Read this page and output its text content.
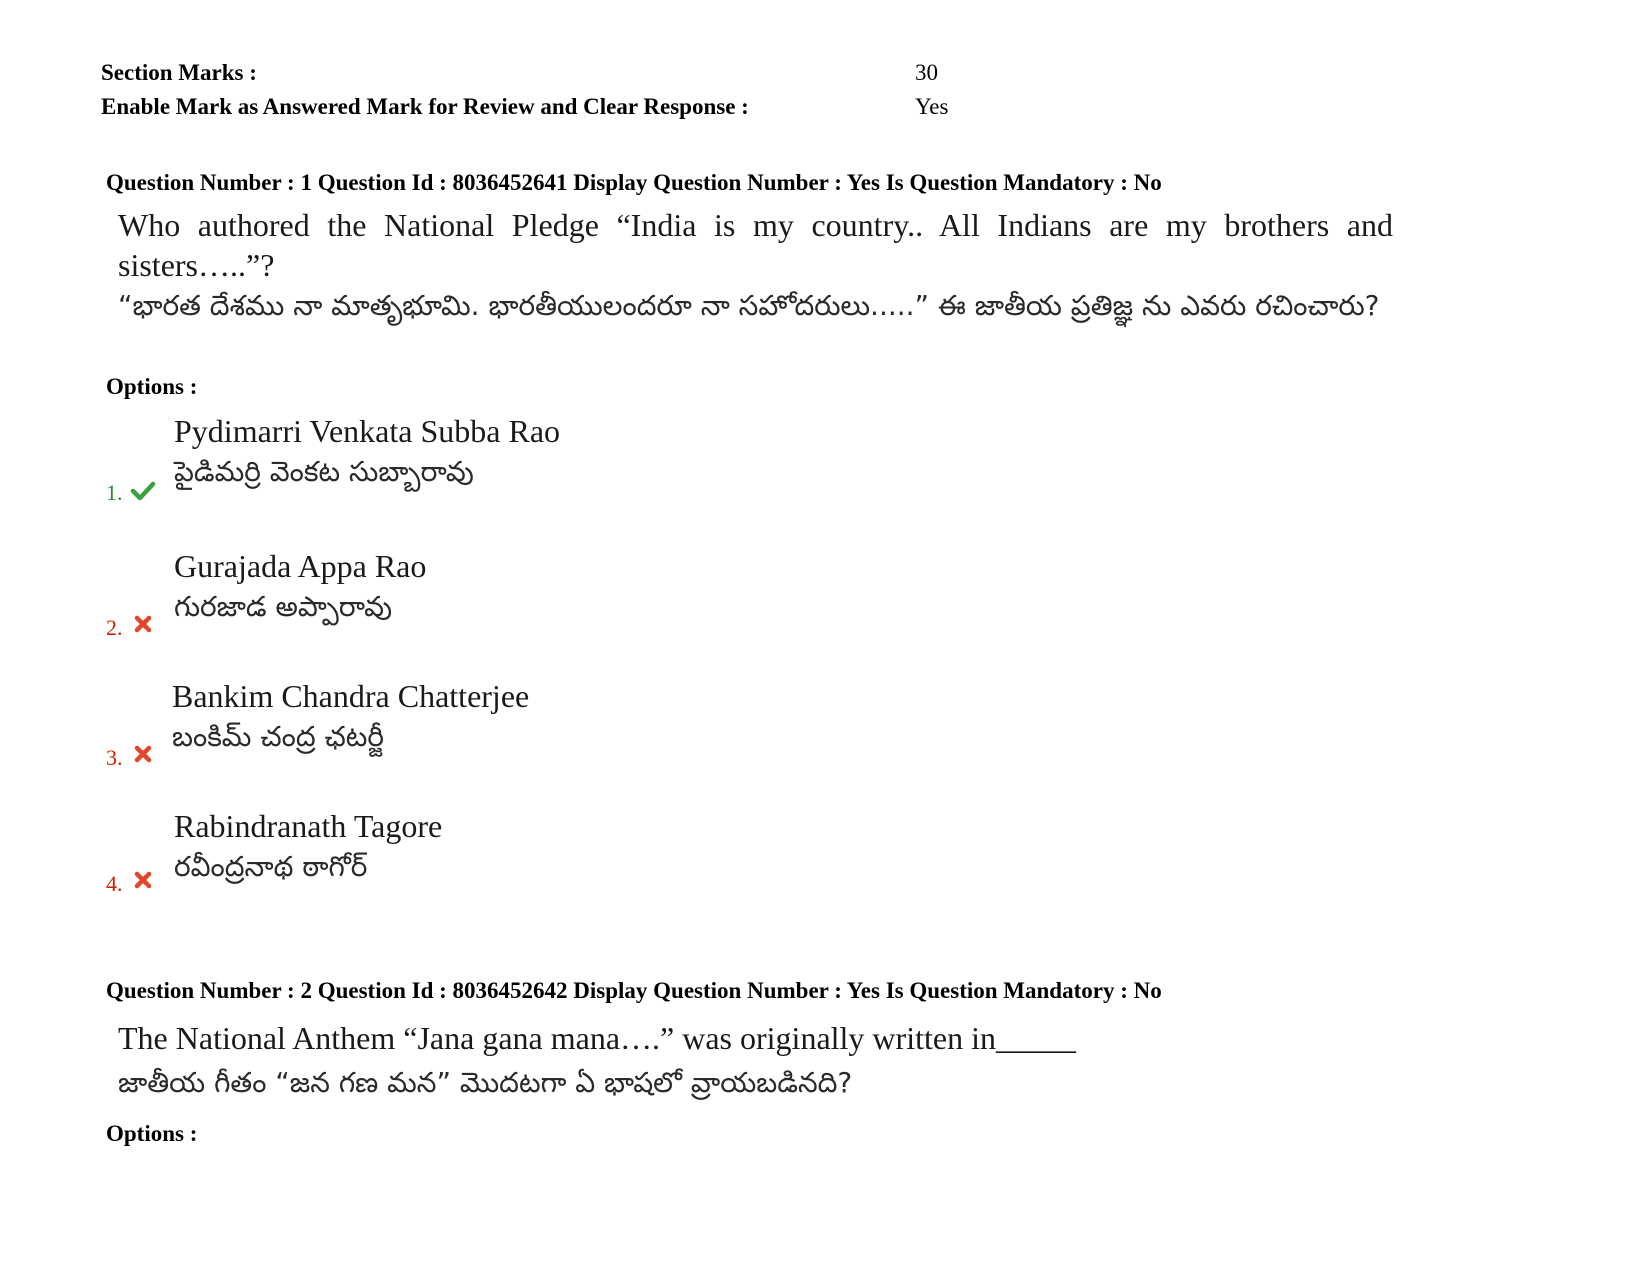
Section Marks :	30
Enable Mark as Answered Mark for Review and Clear Response :	Yes
Question Number : 1 Question Id : 8036452641 Display Question Number : Yes Is Question Mandatory : No
Who authored the National Pledge “India is my country.. All Indians are my brothers and sisters…..”?
“భారత దేశము నా మాతృభూమి. భారతీయులందరూ నా సహోదరులు.....” ఈ జాతీయ ప్రతిజ్ఞ ను ఎవరు రచించారు?
Options :
1.
Pydimarri Venkata Subba Rao
పైడిమర్రి వెంకట సుబ్బారావు
2.
Gurajada Appa Rao
గురజాడ అప్పారావు
3.
Bankim Chandra Chatterjee
బంకిమ్ చంద్ర ఛటర్జీ
4.
Rabindranath Tagore
రవీంద్రనాథ ఠాగోర్
Question Number : 2 Question Id : 8036452642 Display Question Number : Yes Is Question Mandatory : No
The National Anthem “Jana gana mana….” was originally written in_____
జాతీయ గీతం “జన గణ మన” మొదటగా ఏ భాషలో వ్రాయబడినది?
Options :
